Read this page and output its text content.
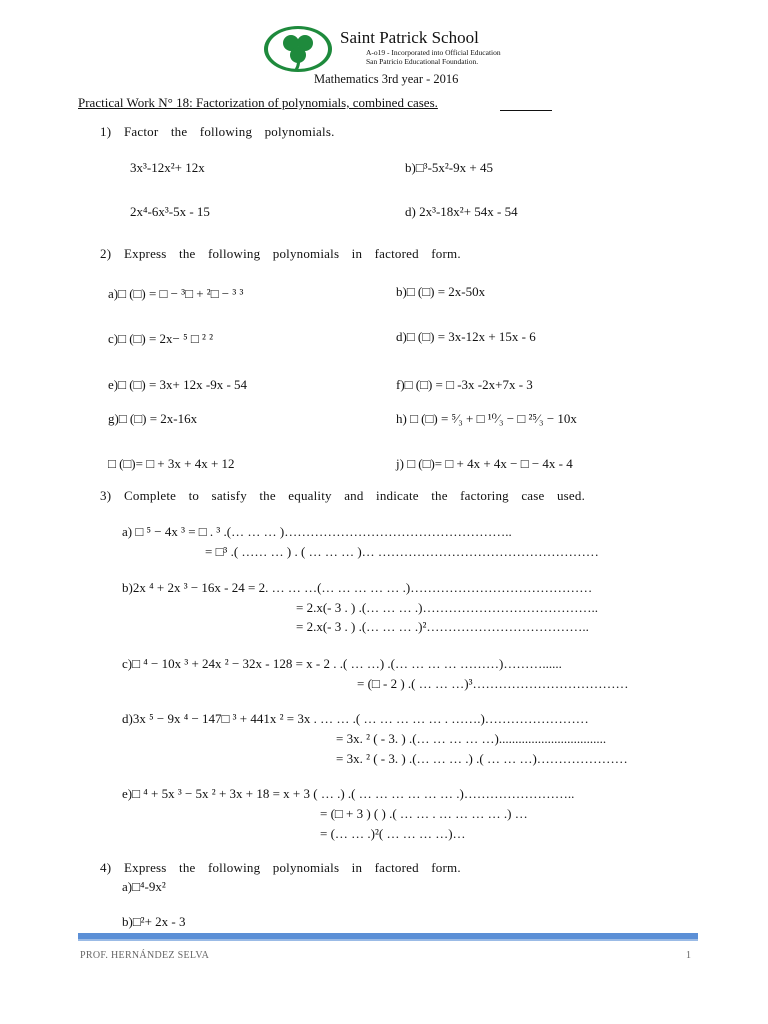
Saint Patrick School
A-o19 - Incorporated into Official Education
San Patricio Educational Foundation.
Mathematics 3rd year - 2016
Practical Work N° 18: Factorization of polynomials, combined cases.
1) Factor the following polynomials.
3x³-12x²+ 12x	b)□³-5x²-9x + 45
2x⁴-6x³-5x - 15	d) 2x³-18x²+ 54x - 54
2) Express the following polynomials in factored form.
a)□ (□) = □ − ³□ + ²□ − ³ ³	b)□ (□) = 2x-50x
c)□ (□) = 2x− ⁵ □ ² ²	d)□ (□) = 3x-12x + 15x - 6
e)□ (□) = 3x+ 12x -9x - 54	f)□ (□) = □ -3x -2x+7x - 3
g)□ (□) = 2x-16x	h) □ (□) = ⁵⁄₃ + □ ¹⁰⁄₃ − □ ²⁵⁄₃ − 10x
□ (□)= □ + 3x + 4x + 12	j) □ (□)= □ + 4x + 4x − □ − 4x - 4
3) Complete to satisfy the equality and indicate the factoring case used.
a) □ ⁵ − 4x ³ = □ . ³ .(… … … )……………………………………………..
= □³ .( …… … ) . ( … … … )… ……………………………………………
b)2x ⁴ + 2x ³ − 16x - 24 = 2. … … …(… … … … … .)……………………………………
= 2.x(- 3 . ) .(… … … .)…………………………………..
= 2.x(- 3 . ) .(… … … .)²………………………………..
c)□ ⁴ − 10x ³ + 24x ² − 32x - 128 = x - 2 . .( … …) .(… … … … ………)………......
= (□ - 2 ) .( … … …)³………………………………
d)3x ⁵ − 9x ⁴ − 147□ ³ + 441x ² = 3x . … … .( … … … … … . …….)……………………
= 3x. ² ( - 3. ) .(… … … … …).................................
= 3x. ² ( - 3. ) .(… … … .) .( … … …)…………………
e)□ ⁴ + 5x ³ − 5x ² + 3x + 18 = x + 3 ( … .) .( … … … … … … .)……………………..
= (□ + 3 ) ( ) .( … … . … … … … .) …
= (… … .)²( … … … …)…
4) Express the following polynomials in factored form.
a)□⁴-9x²
b)□²+ 2x - 3
PROF. HERNÁNDEZ SELVA	1
